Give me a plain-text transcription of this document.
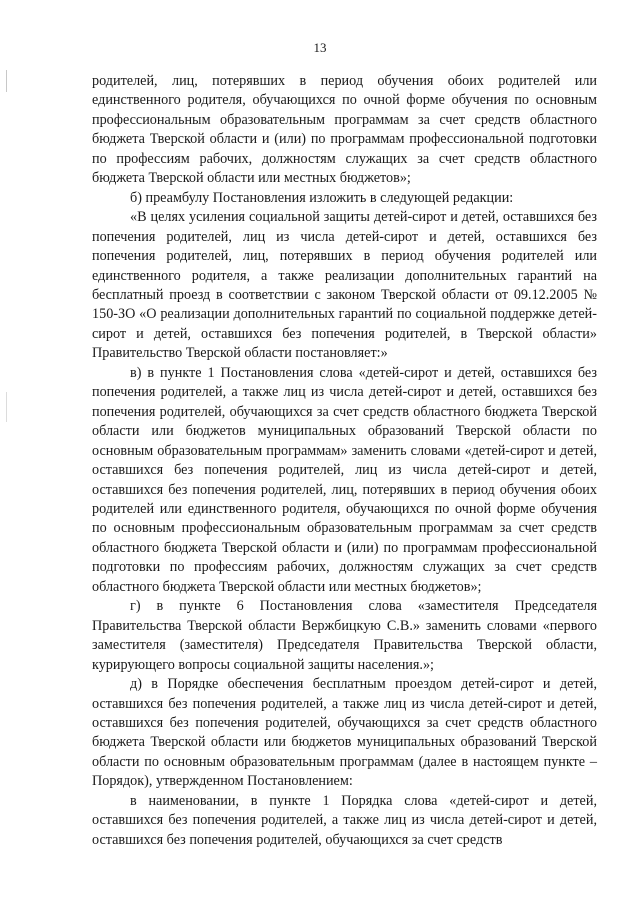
13

родителей, лиц, потерявших в период обучения обоих родителей или единственного родителя, обучающихся по очной форме обучения по основным профессиональным образовательным программам за счет средств областного бюджета Тверской области и (или) по программам профессиональной подготовки по профессиям рабочих, должностям служащих за счет средств областного бюджета Тверской области или местных бюджетов»;

б) преамбулу Постановления изложить в следующей редакции:

«В целях усиления социальной защиты детей-сирот и детей, оставшихся без попечения родителей, лиц из числа детей-сирот и детей, оставшихся без попечения родителей, лиц, потерявших в период обучения родителей или единственного родителя, а также реализации дополнительных гарантий на бесплатный проезд в соответствии с законом Тверской области от 09.12.2005 № 150-ЗО «О реализации дополнительных гарантий по социальной поддержке детей-сирот и детей, оставшихся без попечения родителей, в Тверской области» Правительство Тверской области постановляет:»

в) в пункте 1 Постановления слова «детей-сирот и детей, оставшихся без попечения родителей, а также лиц из числа детей-сирот и детей, оставшихся без попечения родителей, обучающихся за счет средств областного бюджета Тверской области или бюджетов муниципальных образований Тверской области по основным образовательным программам» заменить словами «детей-сирот и детей, оставшихся без попечения родителей, лиц из числа детей-сирот и детей, оставшихся без попечения родителей, лиц, потерявших в период обучения обоих родителей или единственного родителя, обучающихся по очной форме обучения по основным профессиональным образовательным программам за счет средств областного бюджета Тверской области и (или) по программам профессиональной подготовки по профессиям рабочих, должностям служащих за счет средств областного бюджета Тверской области или местных бюджетов»;

г) в пункте 6 Постановления слова «заместителя Председателя Правительства Тверской области Вержбицкую С.В.» заменить словами «первого заместителя (заместителя) Председателя Правительства Тверской области, курирующего вопросы социальной защиты населения.»;

д) в Порядке обеспечения бесплатным проездом детей-сирот и детей, оставшихся без попечения родителей, а также лиц из числа детей-сирот и детей, оставшихся без попечения родителей, обучающихся за счет средств областного бюджета Тверской области или бюджетов муниципальных образований Тверской области по основным образовательным программам (далее в настоящем пункте – Порядок), утвержденном Постановлением:

в наименовании, в пункте 1 Порядка слова «детей-сирот и детей, оставшихся без попечения родителей, а также лиц из числа детей-сирот и детей, оставшихся без попечения родителей, обучающихся за счет средств
